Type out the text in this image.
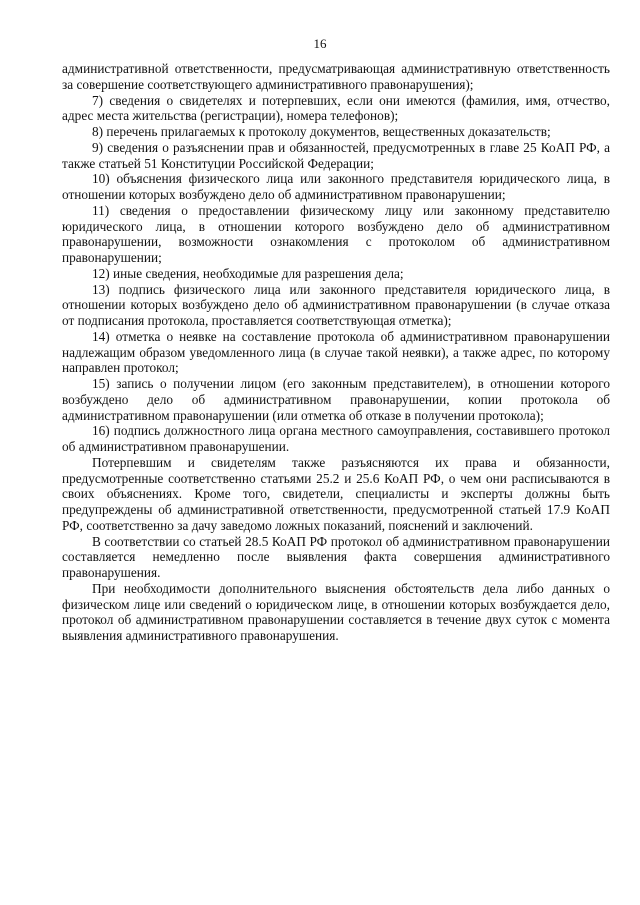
16

административной ответственности, предусматривающая административную ответственность за совершение соответствующего административного правонарушения);

7) сведения о свидетелях и потерпевших, если они имеются (фамилия, имя, отчество, адрес места жительства (регистрации), номера телефонов);

8) перечень прилагаемых к протоколу документов, вещественных доказательств;

9) сведения о разъяснении прав и обязанностей, предусмотренных в главе 25 КоАП РФ, а также статьей 51 Конституции Российской Федерации;

10) объяснения физического лица или законного представителя юридического лица, в отношении которых возбуждено дело об административном правонарушении;

11) сведения о предоставлении физическому лицу или законному представителю юридического лица, в отношении которого возбуждено дело об административном правонарушении, возможности ознакомления с протоколом об административном правонарушении;

12) иные сведения, необходимые для разрешения дела;

13) подпись физического лица или законного представителя юридического лица, в отношении которых возбуждено дело об административном правонарушении (в случае отказа от подписания протокола, проставляется соответствующая отметка);

14) отметка о неявке на составление протокола об административном правонарушении надлежащим образом уведомленного лица (в случае такой неявки), а также адрес, по которому направлен протокол;

15) запись о получении лицом (его законным представителем), в отношении которого возбуждено дело об административном правонарушении, копии протокола об административном правонарушении (или отметка об отказе в получении протокола);

16) подпись должностного лица органа местного самоуправления, составившего протокол об административном правонарушении.

Потерпевшим и свидетелям также разъясняются их права и обязанности, предусмотренные соответственно статьями 25.2 и 25.6 КоАП РФ, о чем они расписываются в своих объяснениях. Кроме того, свидетели, специалисты и эксперты должны быть предупреждены об административной ответственности, предусмотренной статьей 17.9 КоАП РФ, соответственно за дачу заведомо ложных показаний, пояснений и заключений.

В соответствии со статьей 28.5 КоАП РФ протокол об административном правонарушении составляется немедленно после выявления факта совершения административного правонарушения.

При необходимости дополнительного выяснения обстоятельств дела либо данных о физическом лице или сведений о юридическом лице, в отношении которых возбуждается дело, протокол об административном правонарушении составляется в течение двух суток с момента выявления административного правонарушения.
